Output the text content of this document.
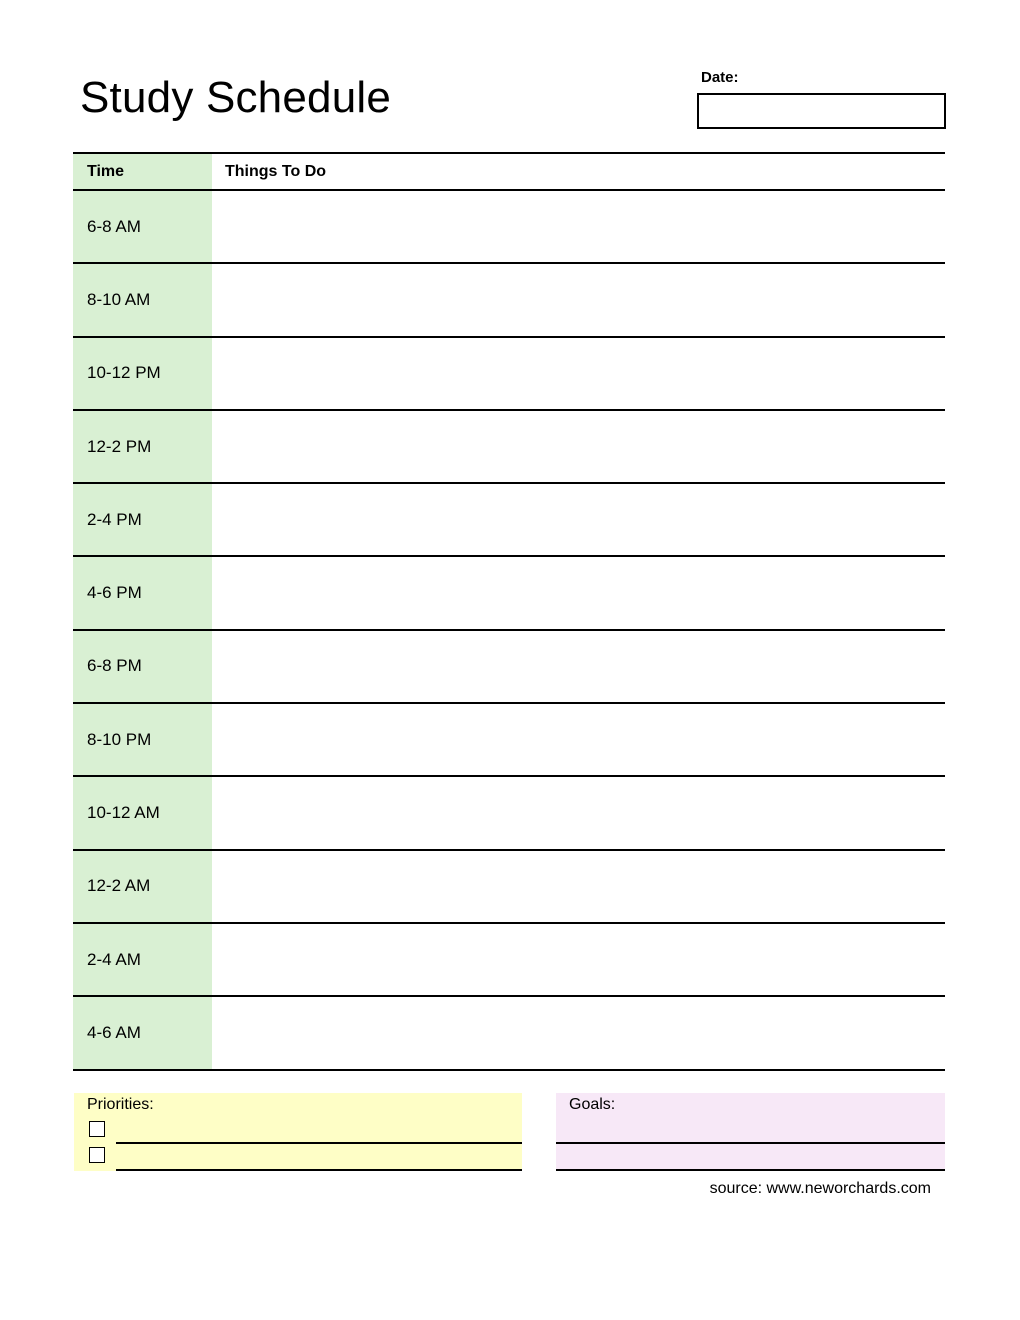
Study Schedule	Date:
Time	Things To Do
6-8 AM
8-10 AM
10-12 PM
12-2 PM
2-4 PM
4-6 PM
6-8 PM
8-10 PM
10-12 AM
12-2 AM
2-4 AM
4-6 AM
Priorities:	Goals:
source: www.neworchards.com
